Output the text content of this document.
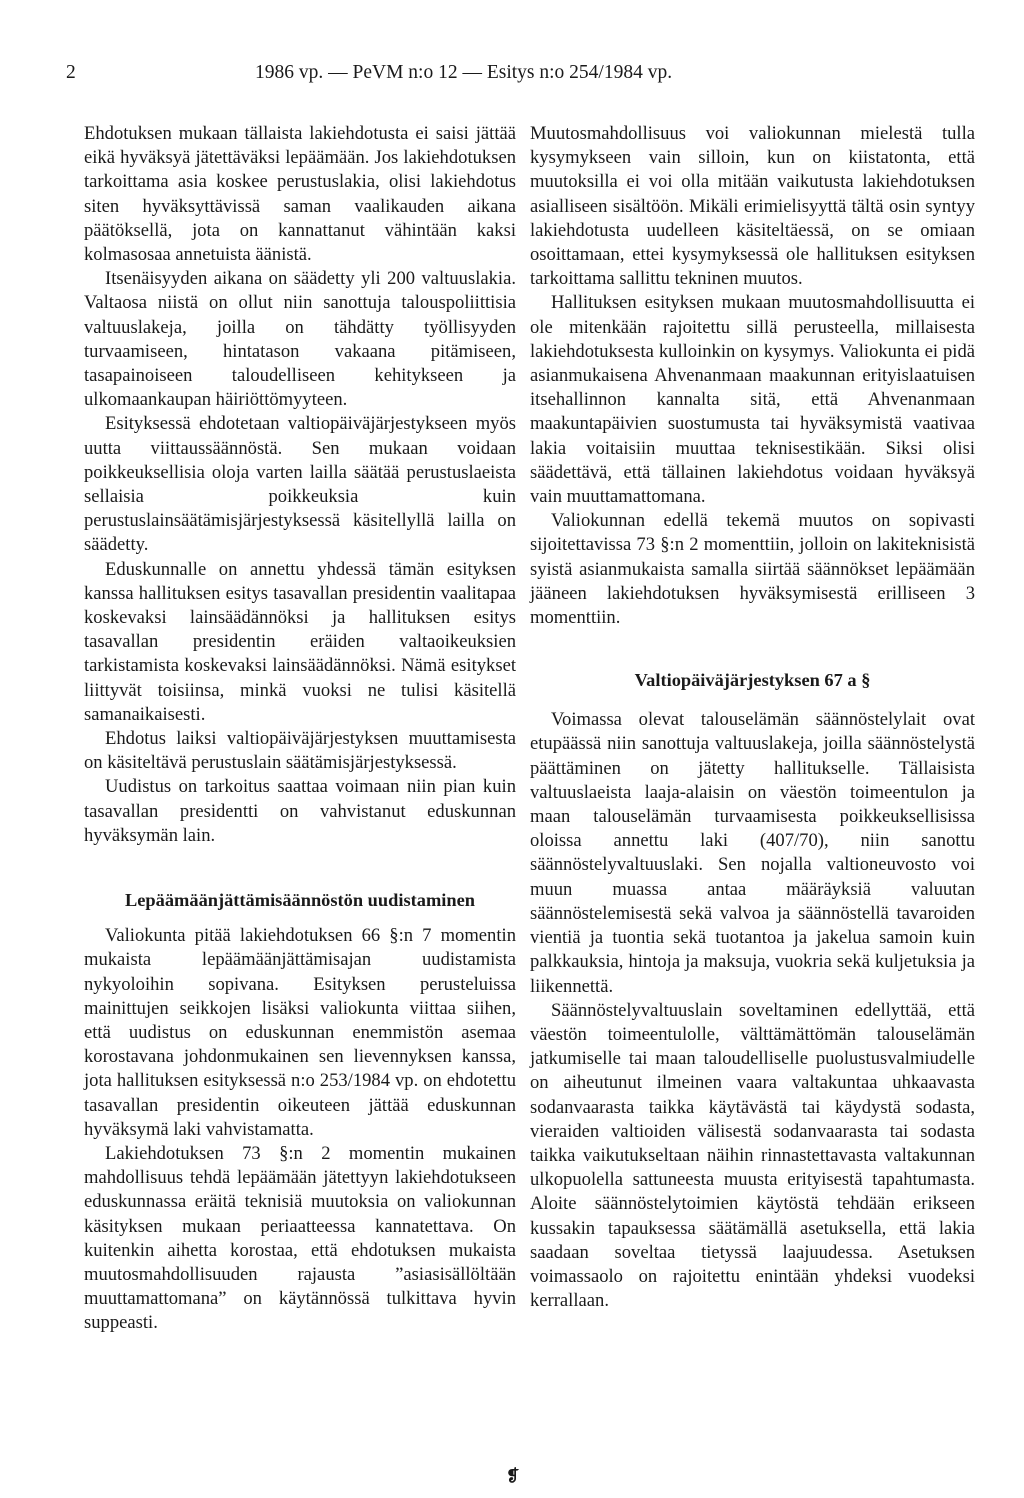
2	1986 vp. — PeVM n:o 12 — Esitys n:o 254/1984 vp.

Ehdotuksen mukaan tällaista lakiehdotusta ei saisi jättää eikä hyväksyä jätettäväksi lepäämään. Jos lakiehdotuksen tarkoittama asia koskee perustuslakia, olisi lakiehdotus siten hyväksyttävissä saman vaalikauden aikana päätöksellä, jota on kannattanut vähintään kaksi kolmasosaa annetuista äänistä.

Itsenäisyyden aikana on säädetty yli 200 valtuuslakia. Valtaosa niistä on ollut niin sanottuja talouspoliittisia valtuuslakeja, joilla on tähdätty työllisyyden turvaamiseen, hintatason vakaana pitämiseen, tasapainoiseen taloudelliseen kehitykseen ja ulkomaankaupan häiriöttömyyteen.

Esityksessä ehdotetaan valtiopäiväjärjestykseen myös uutta viittaussäännöstä. Sen mukaan voidaan poikkeuksellisia oloja varten lailla säätää perustuslaeista sellaisia poikkeuksia kuin perustuslainsäätämisjärjestyksessä käsitellyllä lailla on säädetty.

Eduskunnalle on annettu yhdessä tämän esityksen kanssa hallituksen esitys tasavallan presidentin vaalitapaa koskevaksi lainsäädännöksi ja hallituksen esitys tasavallan presidentin eräiden valtaoikeuksien tarkistamista koskevaksi lainsäädännöksi. Nämä esitykset liittyvät toisiinsa, minkä vuoksi ne tulisi käsitellä samanaikaisesti.

Ehdotus laiksi valtiopäiväjärjestyksen muuttamisesta on käsiteltävä perustuslain säätämisjärjestyksessä.

Uudistus on tarkoitus saattaa voimaan niin pian kuin tasavallan presidentti on vahvistanut eduskunnan hyväksymän lain.

Lepäämäänjättämisäännöstön uudistaminen

Valiokunta pitää lakiehdotuksen 66 §:n 7 momentin mukaista lepäämäänjättämisajan uudistamista nykyoloihin sopivana. Esityksen perusteluissa mainittujen seikkojen lisäksi valiokunta viittaa siihen, että uudistus on eduskunnan enemmistön asemaa korostavana johdonmukainen sen lievennyksen kanssa, jota hallituksen esityksessä n:o 253/1984 vp. on ehdotettu tasavallan presidentin oikeuteen jättää eduskunnan hyväksymä laki vahvistamatta.

Lakiehdotuksen 73 §:n 2 momentin mukainen mahdollisuus tehdä lepäämään jätettyyn lakiehdotukseen eduskunnassa eräitä teknisiä muutoksia on valiokunnan käsityksen mukaan periaatteessa kannatettava. On kuitenkin aihetta korostaa, että ehdotuksen mukaista muutosmahdollisuuden rajausta ”asiasisällöltään muuttamattomana” on käytännössä tulkittava hyvin suppeasti.

Muutosmahdollisuus voi valiokunnan mielestä tulla kysymykseen vain silloin, kun on kiistatonta, että muutoksilla ei voi olla mitään vaikutusta lakiehdotuksen asialliseen sisältöön. Mikäli erimielisyyttä tältä osin syntyy lakiehdotusta uudelleen käsiteltäessä, on se omiaan osoittamaan, ettei kysymyksessä ole hallituksen esityksen tarkoittama sallittu tekninen muutos.

Hallituksen esityksen mukaan muutosmahdollisuutta ei ole mitenkään rajoitettu sillä perusteella, millaisesta lakiehdotuksesta kulloinkin on kysymys. Valiokunta ei pidä asianmukaisena Ahvenanmaan maakunnan erityislaatuisen itsehallinnon kannalta sitä, että Ahvenanmaan maakuntapäivien suostumusta tai hyväksymistä vaativaa lakia voitaisiin muuttaa teknisestikään. Siksi olisi säädettävä, että tällainen lakiehdotus voidaan hyväksyä vain muuttamattomana.

Valiokunnan edellä tekemä muutos on sopivasti sijoitettavissa 73 §:n 2 momenttiin, jolloin on lakiteknisistä syistä asianmukaista samalla siirtää säännökset lepäämään jääneen lakiehdotuksen hyväksymisestä erilliseen 3 momenttiin.

Valtiopäiväjärjestyksen 67 a §

Voimassa olevat talouselämän säännöstelylait ovat etupäässä niin sanottuja valtuuslakeja, joilla säännöstelystä päättäminen on jätetty hallitukselle. Tällaisista valtuuslaeista laaja-alaisin on väestön toimeentulon ja maan talouselämän turvaamisesta poikkeuksellisissa oloissa annettu laki (407/70), niin sanottu säännöstelyvaltuuslaki. Sen nojalla valtioneuvosto voi muun muassa antaa määräyksiä valuutan säännöstelemisestä sekä valvoa ja säännöstellä tavaroiden vientiä ja tuontia sekä tuotantoa ja jakelua samoin kuin palkkauksia, hintoja ja maksuja, vuokria sekä kuljetuksia ja liikennettä.

Säännöstelyvaltuuslain soveltaminen edellyttää, että väestön toimeentulolle, välttämättömän talouselämän jatkumiselle tai maan taloudelliselle puolustusvalmiudelle on aiheutunut ilmeinen vaara valtakuntaa uhkaavasta sodanvaarasta taikka käytävästä tai käydystä sodasta, vieraiden valtioiden välisestä sodanvaarasta tai sodasta taikka vaikutukseltaan näihin rinnastettavasta valtakunnan ulkopuolella sattuneesta muusta erityisestä tapahtumasta. Aloite säännöstelytoimien käytöstä tehdään erikseen kussakin tapauksessa säätämällä asetuksella, että lakia saadaan soveltaa tietyssä laajuudessa. Asetuksen voimassaolo on rajoitettu enintään yhdeksi vuodeksi kerrallaan.

❡
